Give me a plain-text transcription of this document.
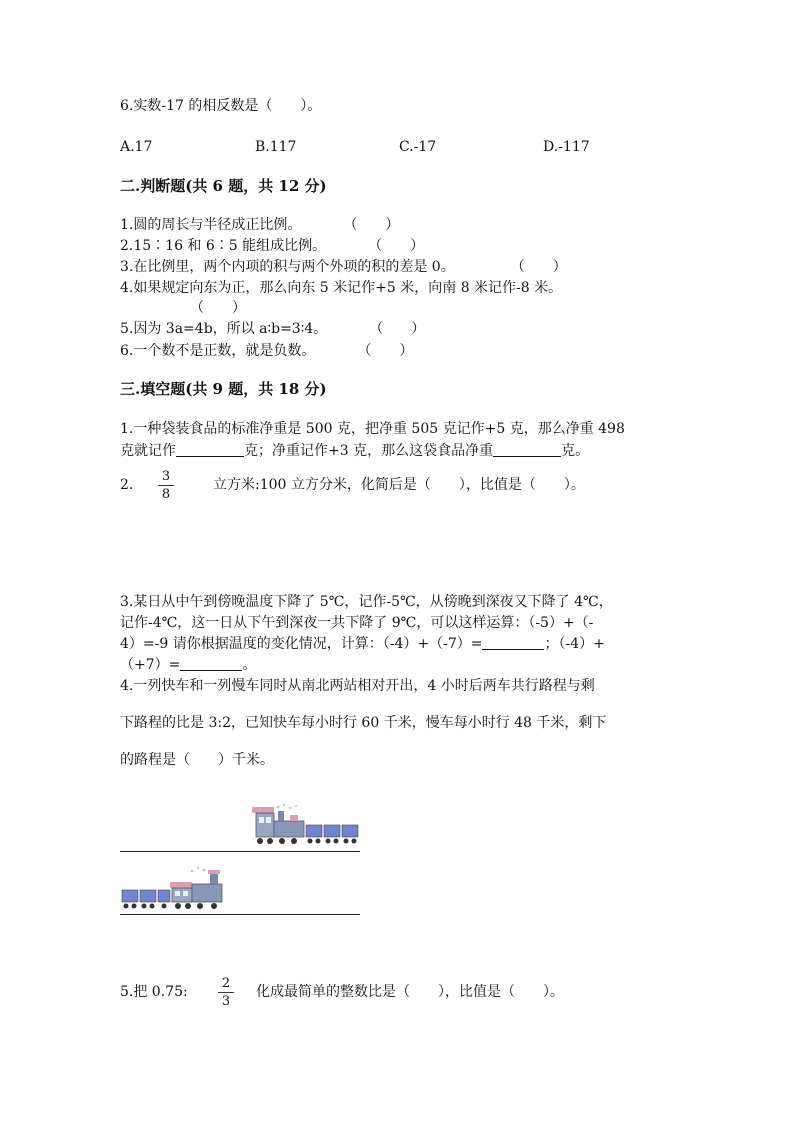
6.实数-17 的相反数是（　　）。
A.17	B.117	C.-17	D.-117
二.判断题(共 6 题，共 12 分)
1.圆的周长与半径成正比例。　　　　（　　）
2.15∶16 和 6∶5 能组成比例。　　　　（　　）
3.在比例里，两个内项的积与两个外项的积的差是 0。　　　　　（　　）
4.如果规定向东为正，那么向东 5 米记作+5 米，向南 8 米记作-8 米。
（　　）
5.因为 3a=4b，所以 a∶b=3∶4。　　　　（　　）
6.一个数不是正数，就是负数。　　　　（　　）
三.填空题(共 9 题，共 18 分)
1.一种袋装食品的标准净重是 500 克，把净重 505 克记作+5 克，那么净重 498
克就记作	克；净重记作+3 克，那么这袋食品净重	克。
2. $\frac{3}{8}$	立方米:100 立方分米，化简后是（　　），比值是（　　）。
3.某日从中午到傍晚温度下降了 5℃，记作-5℃，从傍晚到深夜又下降了 4℃，
记作-4℃，这一日从下午到深夜一共下降了 9℃，可以这样运算：（-5）+（-
4）=-9 请你根据温度的变化情况，计算：（-4）+（-7）=	；（-4）+
（+7）=	。
4.一列快车和一列慢车同时从南北两站相对开出，4 小时后两车共行路程与剩
下路程的比是 3:2，已知快车每小时行 60 千米，慢车每小时行 48 千米，剩下
的路程是（　　）千米。
5.把 0.75: $\frac{2}{3}$ 化成最简单的整数比是（　　），比值是（　　）。
